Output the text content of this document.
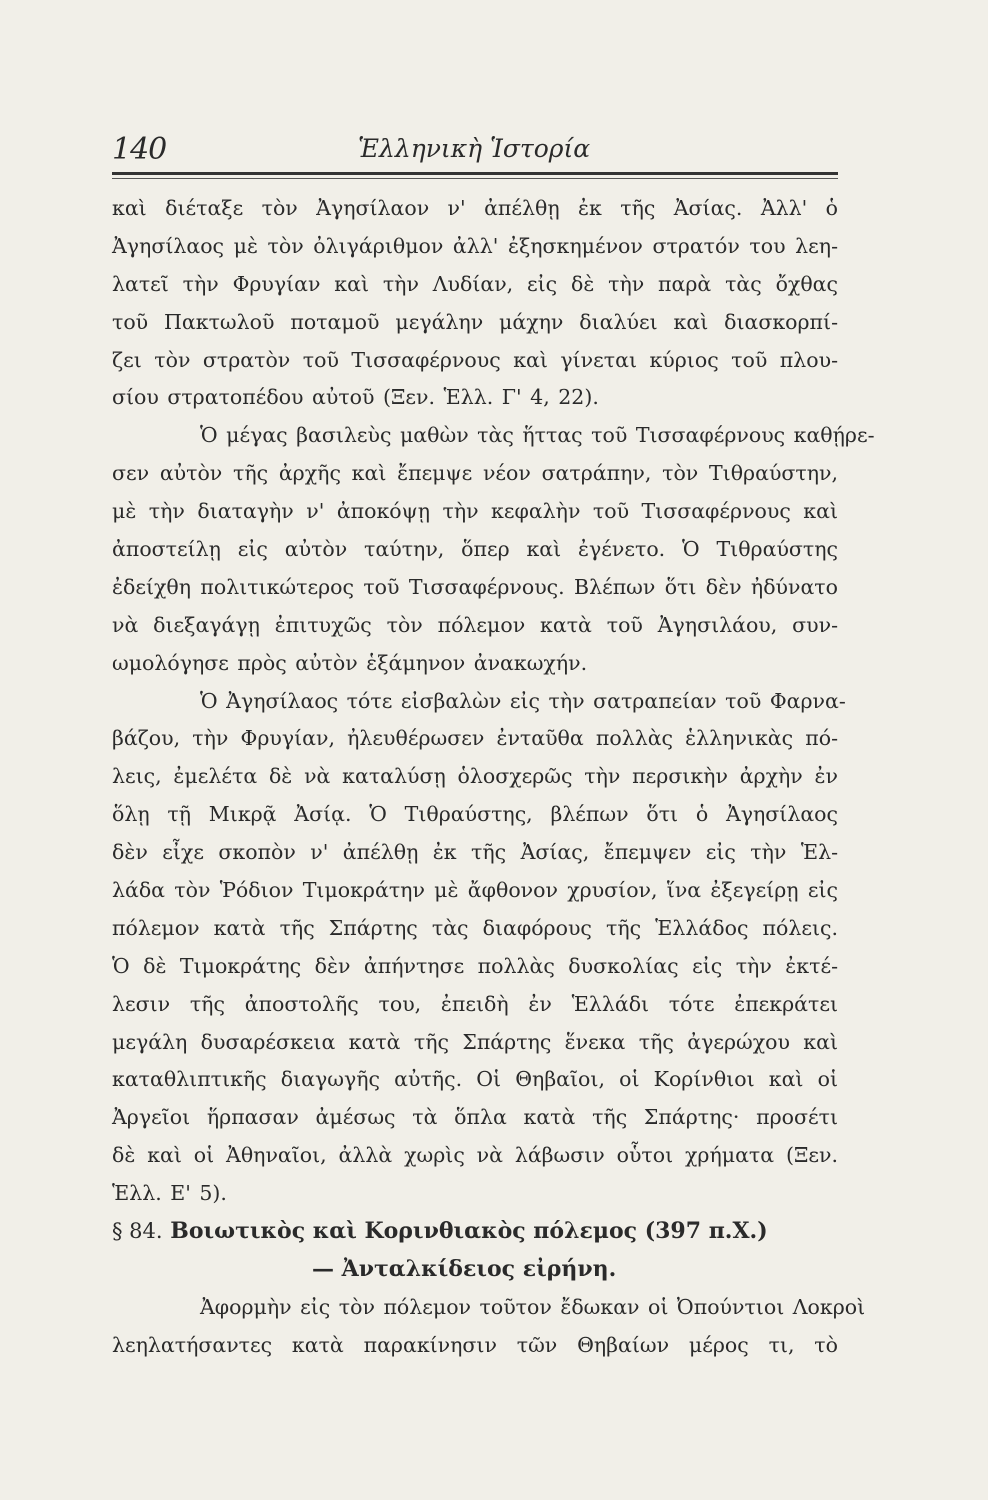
140	Ἑλληνικὴ Ἱστορία
καὶ διέταξε τὸν Ἀγησίλαον ν' ἀπέλθῃ ἐκ τῆς Ἀσίας. Ἀλλ' ὁ
Ἀγησίλαος μὲ τὸν ὀλιγάριθμον ἀλλ' ἐξησκημένον στρατόν του λεη-
λατεῖ τὴν Φρυγίαν καὶ τὴν Λυδίαν, εἰς δὲ τὴν παρὰ τὰς ὄχθας
τοῦ Πακτωλοῦ ποταμοῦ μεγάλην μάχην διαλύει καὶ διασκορπί-
ζει τὸν στρατὸν τοῦ Τισσαφέρνους καὶ γίνεται κύριος τοῦ πλου-
σίου στρατοπέδου αὐτοῦ (Ξεν. Ἑλλ. Γ' 4, 22).
Ὁ μέγας βασιλεὺς μαθὼν τὰς ἥττας τοῦ Τισσαφέρνους καθῄρε-
σεν αὐτὸν τῆς ἀρχῆς καὶ ἔπεμψε νέον σατράπην, τὸν Τιθραύστην,
μὲ τὴν διαταγὴν ν' ἀποκόψῃ τὴν κεφαλὴν τοῦ Τισσαφέρνους καὶ
ἀποστείλῃ εἰς αὐτὸν ταύτην, ὅπερ καὶ ἐγένετο. Ὁ Τιθραύστης
ἐδείχθη πολιτικώτερος τοῦ Τισσαφέρνους. Βλέπων ὅτι δὲν ἠδύνατο
νὰ διεξαγάγῃ ἐπιτυχῶς τὸν πόλεμον κατὰ τοῦ Ἀγησιλάου, συν-
ωμολόγησε πρὸς αὐτὸν ἑξάμηνον ἀνακωχήν.
Ὁ Ἀγησίλαος τότε εἰσβαλὼν εἰς τὴν σατραπείαν τοῦ Φαρνα-
βάζου, τὴν Φρυγίαν, ἠλευθέρωσεν ἐνταῦθα πολλὰς ἑλληνικὰς πό-
λεις, ἐμελέτα δὲ νὰ καταλύσῃ ὁλοσχερῶς τὴν περσικὴν ἀρχὴν ἐν
ὅλῃ τῇ Μικρᾷ Ἀσίᾳ. Ὁ Τιθραύστης, βλέπων ὅτι ὁ Ἀγησίλαος
δὲν εἶχε σκοπὸν ν' ἀπέλθῃ ἐκ τῆς Ἀσίας, ἔπεμψεν εἰς τὴν Ἑλ-
λάδα τὸν Ῥόδιον Τιμοκράτην μὲ ἄφθονον χρυσίον, ἵνα ἐξεγείρῃ εἰς
πόλεμον κατὰ τῆς Σπάρτης τὰς διαφόρους τῆς Ἑλλάδος πόλεις.
Ὁ δὲ Τιμοκράτης δὲν ἀπήντησε πολλὰς δυσκολίας εἰς τὴν ἐκτέ-
λεσιν τῆς ἀποστολῆς του, ἐπειδὴ ἐν Ἑλλάδι τότε ἐπεκράτει
μεγάλη δυσαρέσκεια κατὰ τῆς Σπάρτης ἕνεκα τῆς ἀγερώχου καὶ
καταθλιπτικῆς διαγωγῆς αὐτῆς. Οἱ Θηβαῖοι, οἱ Κορίνθιοι καὶ οἱ
Ἀργεῖοι ἥρπασαν ἀμέσως τὰ ὅπλα κατὰ τῆς Σπάρτης· προσέτι
δὲ καὶ οἱ Ἀθηναῖοι, ἀλλὰ χωρὶς νὰ λάβωσιν οὗτοι χρήματα (Ξεν.
Ἑλλ. Ε' 5).
§ 84. Βοιωτικὸς καὶ Κορινθιακὸς πόλεμος (397 π.Χ.)
— Ἀνταλκίδειος εἰρήνη.
Ἀφορμὴν εἰς τὸν πόλεμον τοῦτον ἔδωκαν οἱ Ὀπούντιοι Λοκροὶ
λεηλατήσαντες κατὰ παρακίνησιν τῶν Θηβαίων μέρος τι, τὸ
